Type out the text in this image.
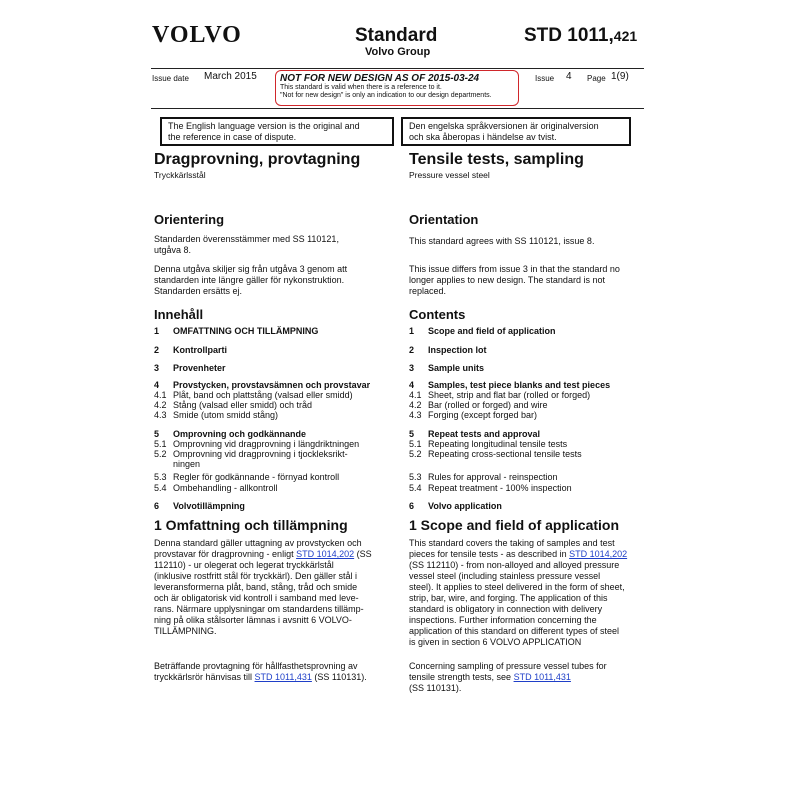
VOLVO	Standard
Volvo Group
STD 1011,421
Issue date March 2015 NOT FOR NEW DESIGN AS OF 2015-03-24
This standard is valid when there is a reference to it.
"Not for new design" is only an indication to our design departments.
Issue 4 Page 1(9)
The English language version is the original and
the reference in case of dispute.
Den engelska språkversionen är originalversion
och ska åberopas i händelse av tvist.
Dragprovning, provtagning
Tryckkärlsstål
Orientering
Standarden överensstämmer med SS 110121,
utgåva 8.
Denna utgåva skiljer sig från utgåva 3 genom att
standarden inte längre gäller för nykonstruktion.
Standarden ersätts ej.
Innehåll
1 OMFATTNING OCH TILLÄMPNING
2 Kontrollparti
3 Provenheter
4 Provstycken, provstavsämnen och provstavar
4.1 Plåt, band och plattstång (valsad eller smidd)
4.2 Stång (valsad eller smidd) och tråd
4.3 Smide (utom smidd stång)
5 Omprovning och godkännande
5.1 Omprovning vid dragprovning i längdriktningen
5.2 Omprovning vid dragprovning i tjockleksrikt-
ningen
5.3 Regler för godkännande - förnyad kontroll
5.4 Ombehandling - allkontroll
6 Volvotillämpning
1 Omfattning och tillämpning
Denna standard gäller uttagning av provstycken och
provstavar för dragprovning - enligt STD 1014,202 (SS
112110) - ur olegerat och legerat tryckkärlstål
(inklusive rostfritt stål för tryckkärl). Den gäller stål i
leveransformerna plåt, band, stång, tråd och smide
och är obligatorisk vid kontroll i samband med leve-
rans. Närmare upplysningar om standardens tillämp-
ning på olika stålsorter lämnas i avsnitt 6 VOLVO-
TILLÄMPNING.
Beträffande provtagning för hållfasthetsprovning av
tryckkärlsrör hänvisas till STD 1011,431 (SS 110131).
Tensile tests, sampling
Pressure vessel steel
Orientation
This standard agrees with SS 110121, issue 8.
This issue differs from issue 3 in that the standard no
longer applies to new design. The standard is not
replaced.
Contents
1 Scope and field of application
2 Inspection lot
3 Sample units
4 Samples, test piece blanks and test pieces
4.1 Sheet, strip and flat bar (rolled or forged)
4.2 Bar (rolled or forged) and wire
4.3 Forging (except forged bar)
5 Repeat tests and approval
5.1 Repeating longitudinal tensile tests
5.2 Repeating cross-sectional tensile tests
5.3 Rules for approval - reinspection
5.4 Repeat treatment - 100% inspection
6 Volvo application
1 Scope and field of application
This standard covers the taking of samples and test
pieces for tensile tests - as described in STD 1014,202
(SS 112110) - from non-alloyed and alloyed pressure
vessel steel (including stainless pressure vessel
steel). It applies to steel delivered in the form of sheet,
strip, bar, wire, and forging. The application of this
standard is obligatory in connection with delivery
inspections. Further information concerning the
application of this standard on different types of steel
is given in section 6 VOLVO APPLICATION
Concerning sampling of pressure vessel tubes for
tensile strength tests, see STD 1011,431
(SS 110131).
